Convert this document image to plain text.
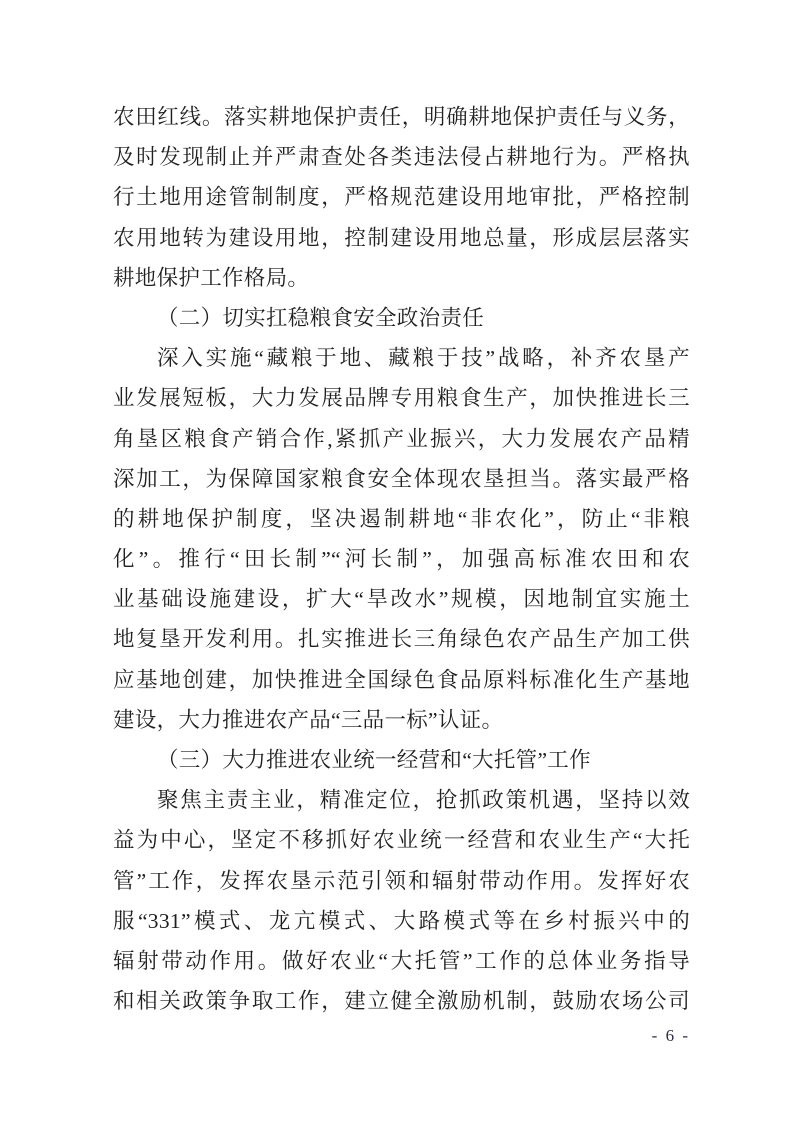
农田红线。落实耕地保护责任，明确耕地保护责任与义务，
及时发现制止并严肃查处各类违法侵占耕地行为。严格执
行土地用途管制制度，严格规范建设用地审批，严格控制
农用地转为建设用地，控制建设用地总量，形成层层落实
耕地保护工作格局。
（二）切实扛稳粮食安全政治责任
深入实施“藏粮于地、藏粮于技”战略，补齐农垦产
业发展短板，大力发展品牌专用粮食生产，加快推进长三
角垦区粮食产销合作,紧抓产业振兴，大力发展农产品精
深加工，为保障国家粮食安全体现农垦担当。落实最严格
的耕地保护制度，坚决遏制耕地“非农化”，防止“非粮
化”。推行“田长制”“河长制”，加强高标准农田和农
业基础设施建设，扩大“旱改水”规模，因地制宜实施土
地复垦开发利用。扎实推进长三角绿色农产品生产加工供
应基地创建，加快推进全国绿色食品原料标准化生产基地
建设，大力推进农产品“三品一标”认证。
（三）大力推进农业统一经营和“大托管”工作
聚焦主责主业，精准定位，抢抓政策机遇，坚持以效
益为中心，坚定不移抓好农业统一经营和农业生产“大托
管”工作，发挥农垦示范引领和辐射带动作用。发挥好农
服“331”模式、龙亢模式、大路模式等在乡村振兴中的
辐射带动作用。做好农业“大托管”工作的总体业务指导
和相关政策争取工作，建立健全激励机制，鼓励农场公司
- 6 -
